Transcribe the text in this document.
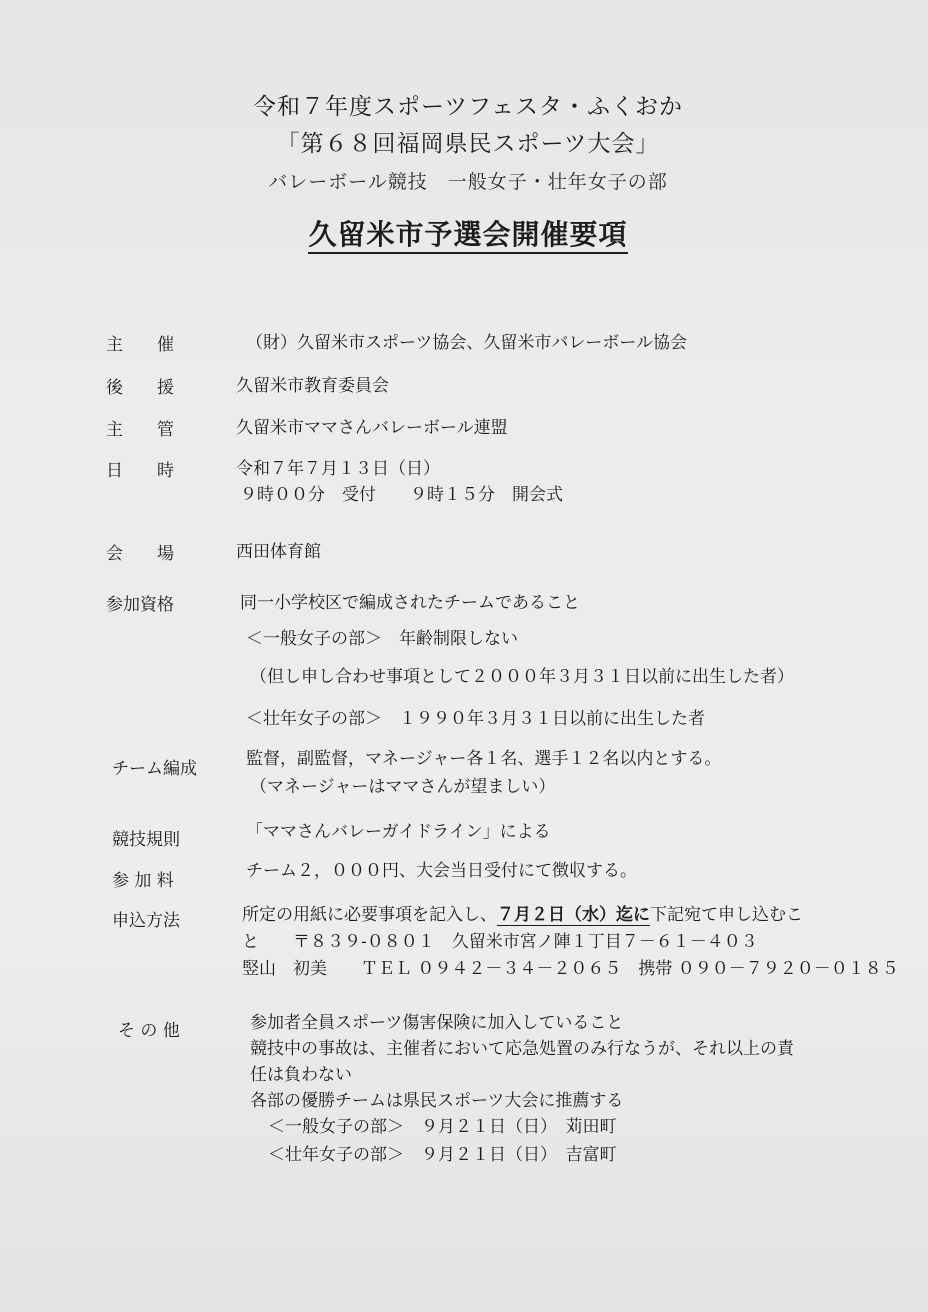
令和７年度スポーツフェスタ・ふくおか
「第６８回福岡県民スポーツ大会」
バレーボール競技　一般女子・壮年女子の部
久留米市予選会開催要項
主　　催	（財）久留米市スポーツ協会、久留米市バレーボール協会
後　　援	久留米市教育委員会
主　　管	久留米市ママさんバレーボール連盟
日　　時	令和７年７月１３日（日）
９時００分　受付　　９時１５分　開会式
会　　場	西田体育館
参加資格	同一小学校区で編成されたチームであること
＜一般女子の部＞　年齢制限しない
（但し申し合わせ事項として２０００年３月３１日以前に出生した者）
＜壮年女子の部＞　１９９０年３月３１日以前に出生した者
チーム編成	監督，副監督，マネージャー各１名、選手１２名以内とする。
（マネージャーはママさんが望ましい）
競技規則	「ママさんバレーガイドライン」による
参 加 料	チーム２，０００円、大会当日受付にて徴収する。
申込方法	所定の用紙に必要事項を記入し、７月２日（水）迄に下記宛て申し込むこ
と　　〒８３９-０８０１　久留米市宮ノ陣１丁目７－６１－４０３
竪山　初美　　ＴＥＬ ０９４２－３４－２０６５　携帯 ０９０－７９２０－０１８５
そ の 他	参加者全員スポーツ傷害保険に加入していること
競技中の事故は、主催者において応急処置のみ行なうが、それ以上の責
任は負わない
各部の優勝チームは県民スポーツ大会に推薦する
＜一般女子の部＞　９月２１日（日）　苅田町
＜壮年女子の部＞　９月２１日（日）　吉富町
